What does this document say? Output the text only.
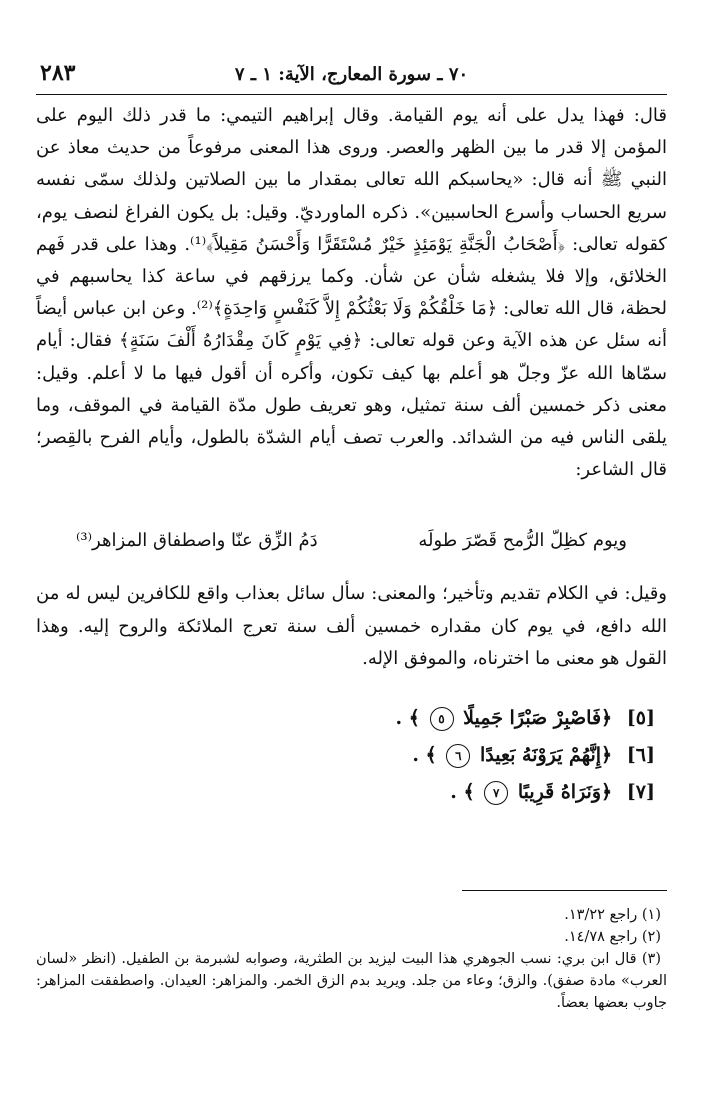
٧٠ ـ سورة المعارج، الآية: ١ ـ ٧
٢٨٣

قال: فهذا يدل على أنه يوم القيامة. وقال إبراهيم التيمي: ما قدر ذلك اليوم على المؤمن إلا قدر ما بين الظهر والعصر. وروى هذا المعنى مرفوعاً من حديث معاذ عن النبي ﷺ أنه قال: «يحاسبكم الله تعالى بمقدار ما بين الصلاتين ولذلك سمّى نفسه سريع الحساب وأسرع الحاسبين». ذكره الماورديّ. وقيل: بل يكون الفراغ لنصف يوم، كقوله تعالى: ﴿أَصْحَابُ الْجَنَّةِ يَوْمَئِذٍ خَيْرٌ مُسْتَقَرًّا وَأَحْسَنُ مَقِيلاً﴾⁽¹⁾. وهذا على قدر فَهم الخلائق، وإلا فلا يشغله شأن عن شأن. وكما يرزقهم في ساعة كذا يحاسبهم في لحظة، قال الله تعالى: ﴿مَا خَلْقُكُمْ وَلَا بَعْثُكُمْ إِلاَّ كَنَفْسٍ وَاحِدَةٍ﴾⁽²⁾. وعن ابن عباس أيضاً أنه سئل عن هذه الآية وعن قوله تعالى: ﴿فِي يَوْمٍ كَانَ مِقْدَارُهُ أَلْفَ سَنَةٍ﴾ فقال: أيام سمّاها الله عزّ وجلّ هو أعلم بها كيف تكون، وأكره أن أقول فيها ما لا أعلم. وقيل: معنى ذكر خمسين ألف سنة تمثيل، وهو تعريف طول مدّة القيامة في الموقف، وما يلقى الناس فيه من الشدائد. والعرب تصف أيام الشدّة بالطول، وأيام الفرح بالقِصر؛ قال الشاعر:

ويوم كظِلّ الرُّمح قَصّرَ طولَه
دَمُ الزِّق عنّا واصطفاق المزاهر⁽³⁾

وقيل: في الكلام تقديم وتأخير؛ والمعنى: سأل سائل بعذاب واقع للكافرين ليس له من الله دافع، في يوم كان مقداره خمسين ألف سنة تعرج الملائكة والروح إليه. وهذا القول هو معنى ما اخترناه، والموفق الإله.

[٥] ﴿فَاصْبِرْ صَبْرًا جَمِيلًا ٥ ﴾ .
[٦] ﴿إِنَّهُمْ يَرَوْنَهُ بَعِيدًا ٦ ﴾ .
[٧] ﴿وَنَرَاهُ قَرِيبًا ٧ ﴾ .

(١) راجع ١٣/٢٢.

(٢) راجع ١٤/٧٨.

(٣) قال ابن بري: نسب الجوهري هذا البيت ليزيد بن الطثرية، وصوابه لشبرمة بن الطفيل. (انظر «لسان العرب» مادة صفق). والزق؛ وعاء من جلد. ويريد بدم الزق الخمر. والمزاهر: العيدان. واصطفقت المزاهر: جاوب بعضها بعضاً.
